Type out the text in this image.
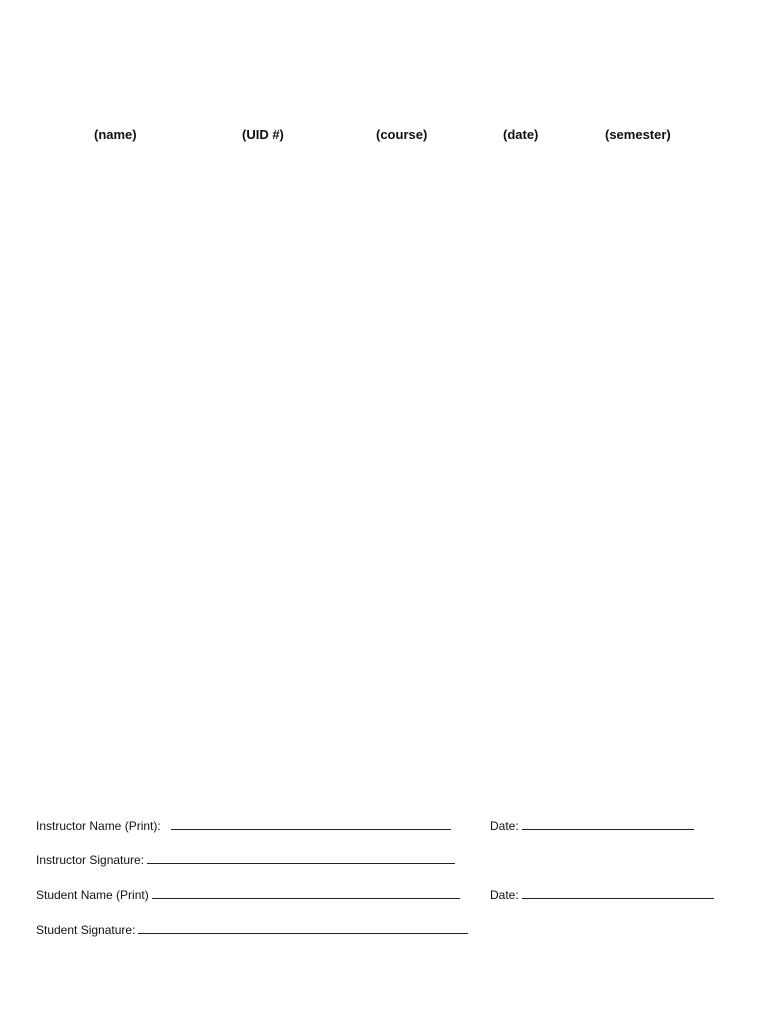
(name)	(UID #)	(course)	(date)	(semester)
Instructor Name (Print):	Date:
Instructor Signature:
Student Name (Print)	Date:
Student Signature:
